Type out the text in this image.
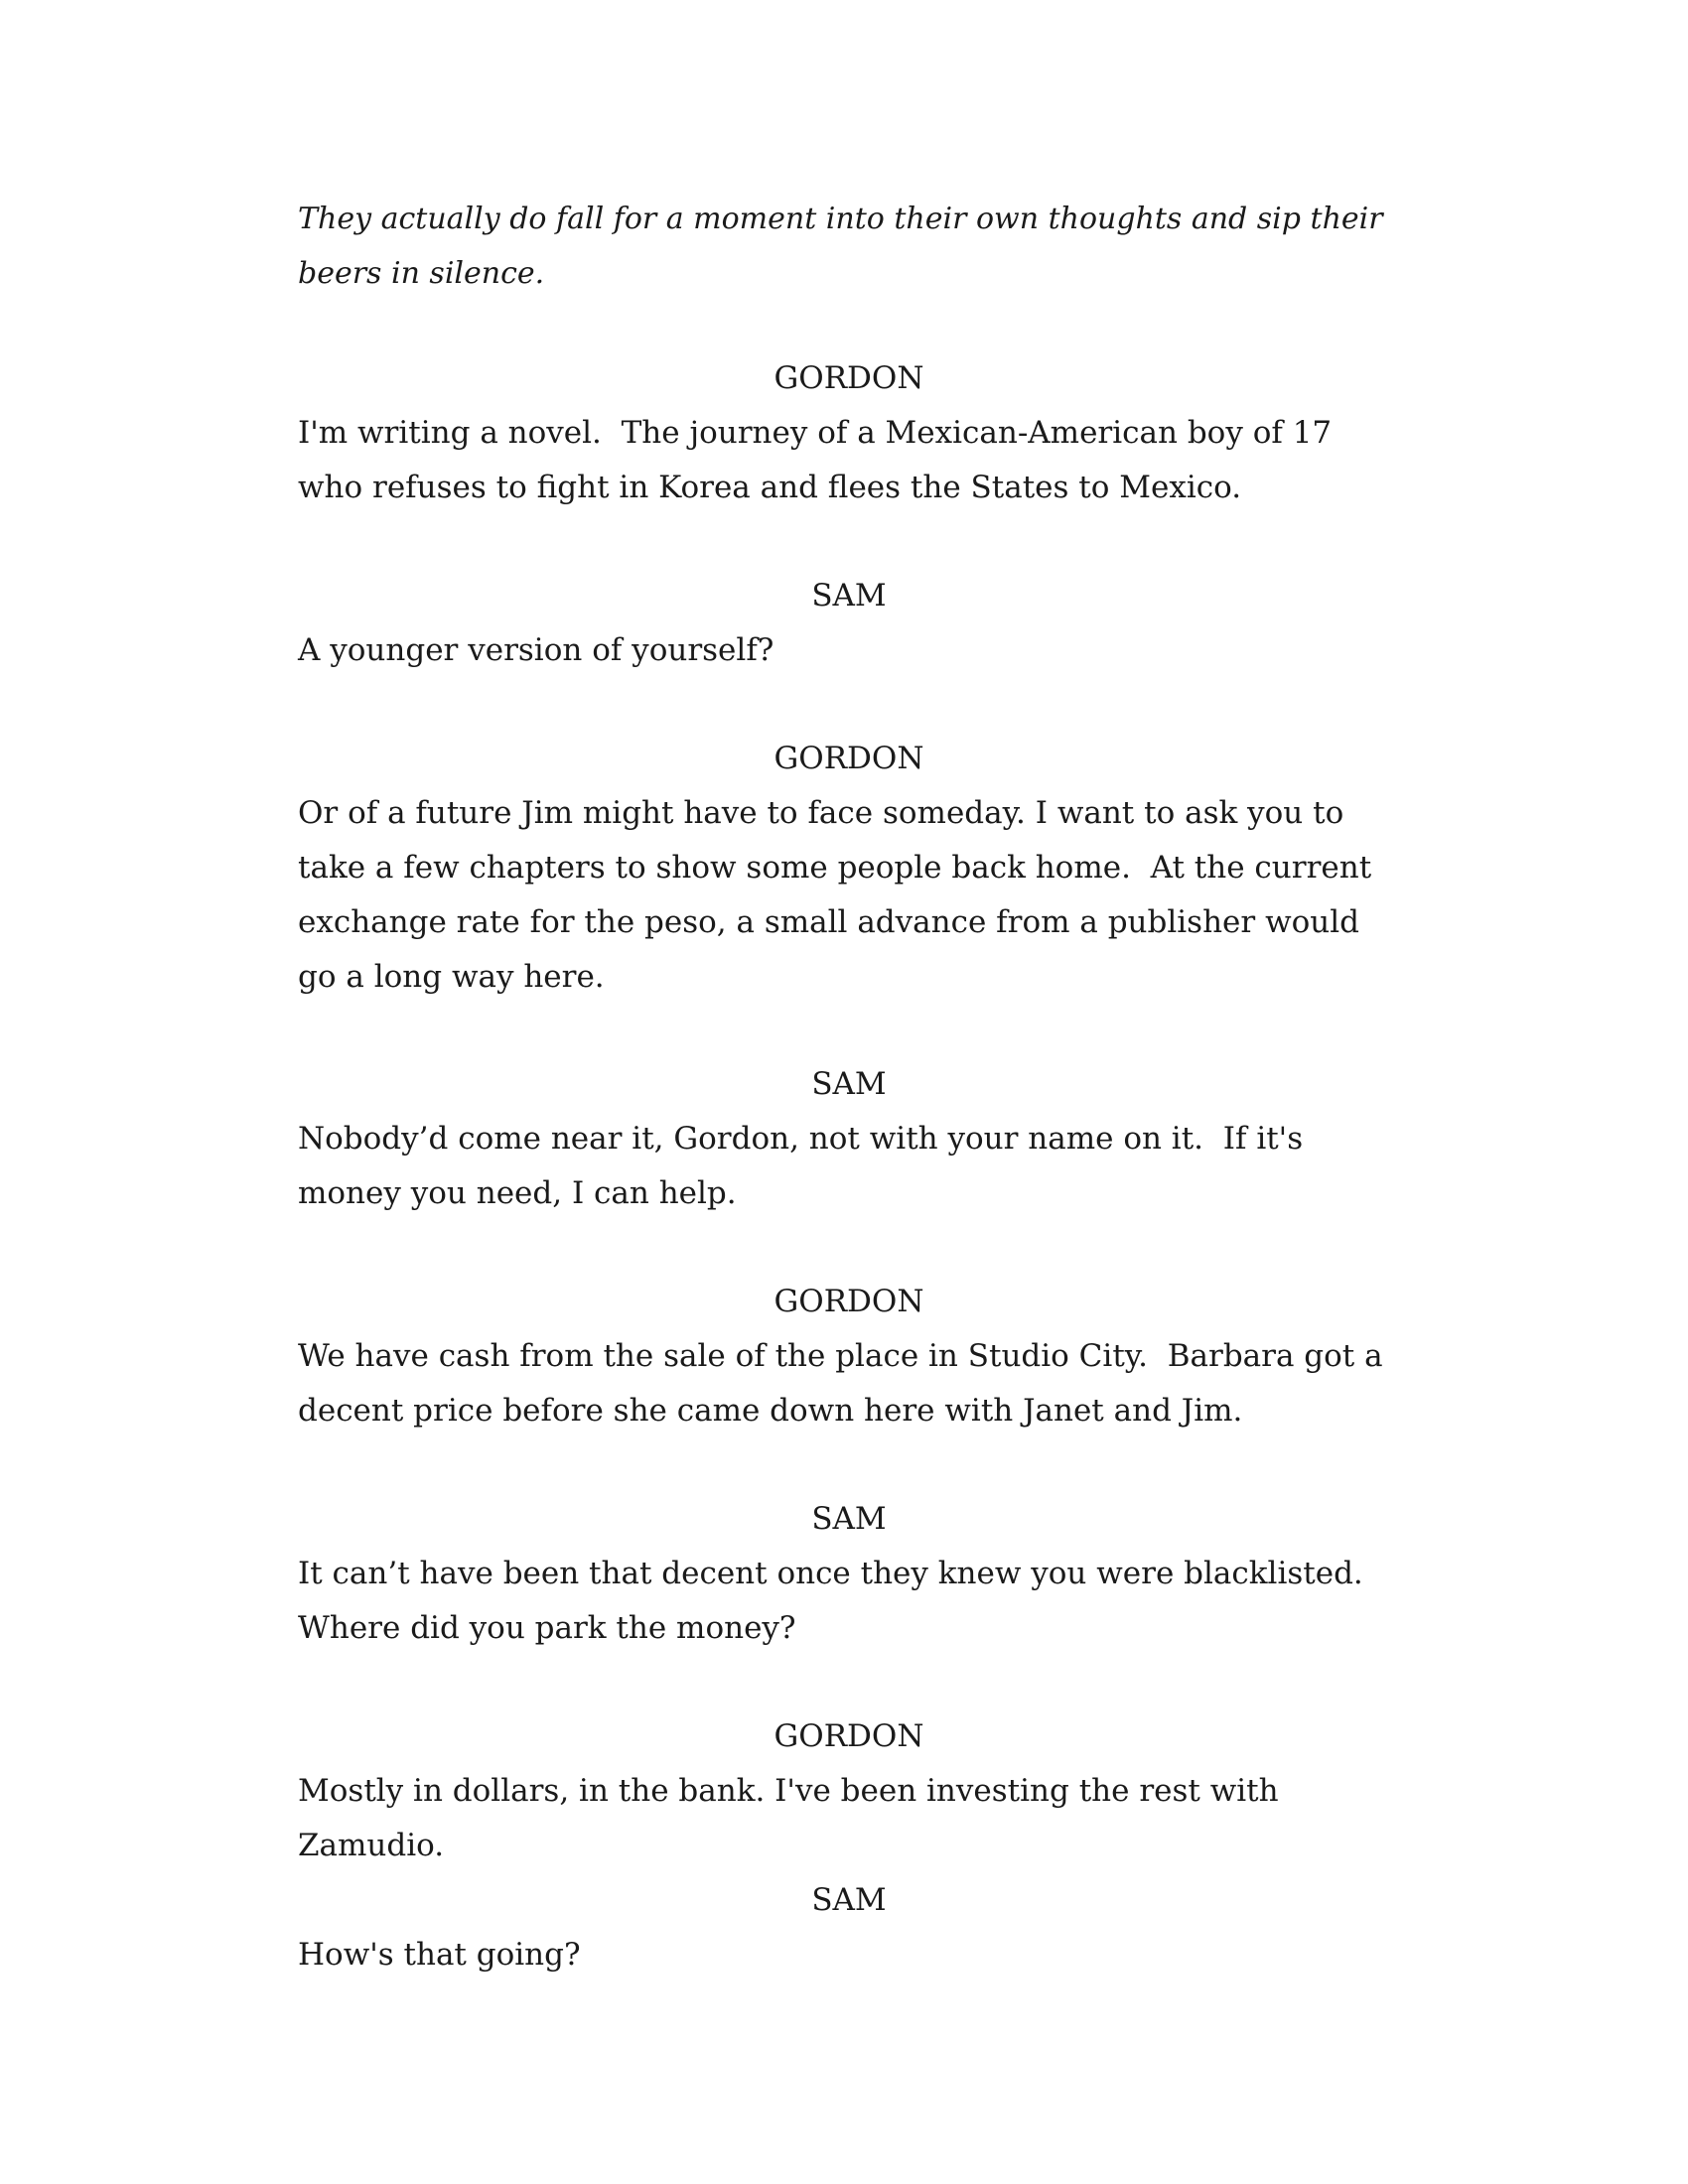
They actually do fall for a moment into their own thoughts and sip their beers in silence.

GORDON

I'm writing a novel.  The journey of a Mexican-American boy of 17 who refuses to fight in Korea and flees the States to Mexico.

SAM

A younger version of yourself?

GORDON

Or of a future Jim might have to face someday. I want to ask you to take a few chapters to show some people back home.  At the current exchange rate for the peso, a small advance from a publisher would go a long way here.

SAM

Nobody’d come near it, Gordon, not with your name on it.  If it's money you need, I can help.

GORDON

We have cash from the sale of the place in Studio City.  Barbara got a decent price before she came down here with Janet and Jim.

SAM

It can’t have been that decent once they knew you were blacklisted.  Where did you park the money?

GORDON

Mostly in dollars, in the bank. I've been investing the rest with Zamudio.

SAM

How's that going?
